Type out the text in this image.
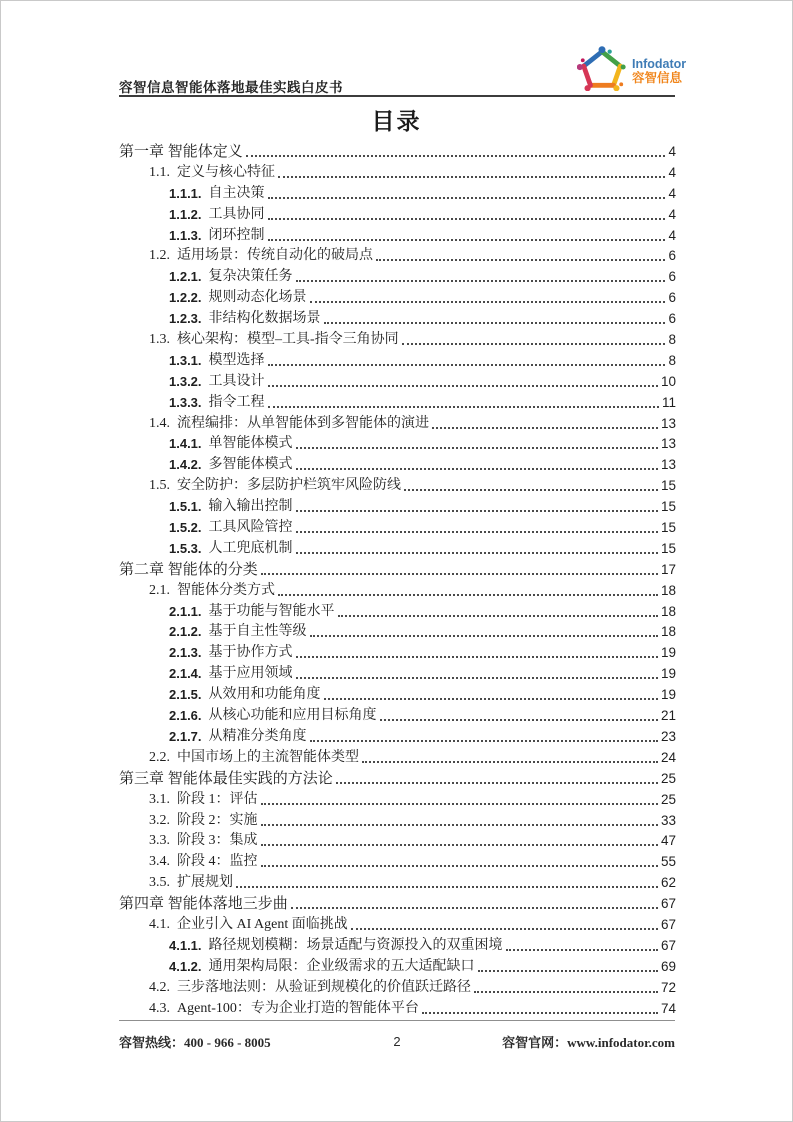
容智信息智能体落地最佳实践白皮书
Infodator
容智信息
目录
第一章 智能体定义	4
1.1. 定义与核心特征	4
1.1.1. 自主决策	4
1.1.2. 工具协同	4
1.1.3. 闭环控制	4
1.2. 适用场景：传统自动化的破局点	6
1.2.1. 复杂决策任务	6
1.2.2. 规则动态化场景	6
1.2.3. 非结构化数据场景	6
1.3. 核心架构：模型–工具-指令三角协同	8
1.3.1. 模型选择	8
1.3.2. 工具设计	10
1.3.3. 指令工程	11
1.4. 流程编排：从单智能体到多智能体的演进	13
1.4.1. 单智能体模式	13
1.4.2. 多智能体模式	13
1.5. 安全防护：多层防护栏筑牢风险防线	15
1.5.1. 输入输出控制	15
1.5.2. 工具风险管控	15
1.5.3. 人工兜底机制	15
第二章 智能体的分类	17
2.1. 智能体分类方式	18
2.1.1. 基于功能与智能水平	18
2.1.2. 基于自主性等级	18
2.1.3. 基于协作方式	19
2.1.4. 基于应用领域	19
2.1.5. 从效用和功能角度	19
2.1.6. 从核心功能和应用目标角度	21
2.1.7. 从精准分类角度	23
2.2. 中国市场上的主流智能体类型	24
第三章 智能体最佳实践的方法论	25
3.1. 阶段 1：评估	25
3.2. 阶段 2：实施	33
3.3. 阶段 3：集成	47
3.4. 阶段 4：监控	55
3.5. 扩展规划	62
第四章 智能体落地三步曲	67
4.1. 企业引入 AI Agent 面临挑战	67
4.1.1. 路径规划模糊：场景适配与资源投入的双重困境	67
4.1.2. 通用架构局限：企业级需求的五大适配缺口	69
4.2. 三步落地法则：从验证到规模化的价值跃迁路径	72
4.3. Agent-100：专为企业打造的智能体平台	74
容智热线：400 - 966 - 8005	2	容智官网：www.infodator.com
